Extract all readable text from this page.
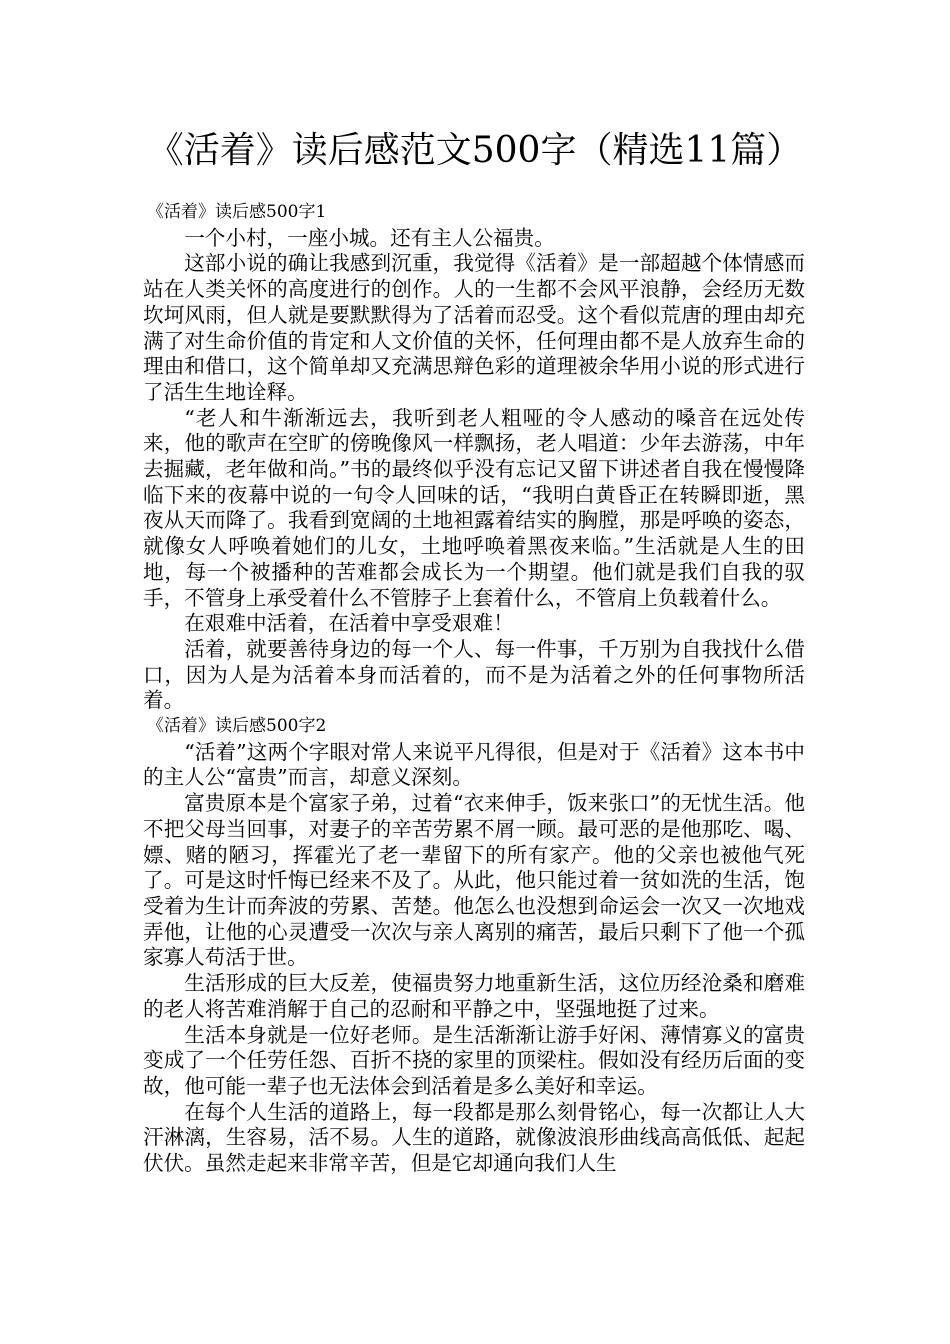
《活着》读后感范文500字（精选11篇）

《活着》读后感500字1

一个小村，一座小城。还有主人公福贵。

这部小说的确让我感到沉重，我觉得《活着》是一部超越个体情感而站在人类关怀的高度进行的创作。人的一生都不会风平浪静，会经历无数坎坷风雨，但人就是要默默得为了活着而忍受。这个看似荒唐的理由却充满了对生命价值的肯定和人文价值的关怀，任何理由都不是人放弃生命的理由和借口，这个简单却又充满思辩色彩的道理被余华用小说的形式进行了活生生地诠释。

“老人和牛渐渐远去，我听到老人粗哑的令人感动的嗓音在远处传来，他的歌声在空旷的傍晚像风一样飘扬，老人唱道：少年去游荡，中年去掘藏，老年做和尚。”书的最终似乎没有忘记又留下讲述者自我在慢慢降临下来的夜幕中说的一句令人回味的话，“我明白黄昏正在转瞬即逝，黑夜从天而降了。我看到宽阔的土地袒露着结实的胸膛，那是呼唤的姿态，就像女人呼唤着她们的儿女，土地呼唤着黑夜来临。”生活就是人生的田地，每一个被播种的苦难都会成长为一个期望。他们就是我们自我的驭手，不管身上承受着什么不管脖子上套着什么，不管肩上负载着什么。

在艰难中活着，在活着中享受艰难！

活着，就要善待身边的每一个人、每一件事，千万别为自我找什么借口，因为人是为活着本身而活着的，而不是为活着之外的任何事物所活着。

《活着》读后感500字2

“活着”这两个字眼对常人来说平凡得很，但是对于《活着》这本书中的主人公“富贵”而言，却意义深刻。

富贵原本是个富家子弟，过着“衣来伸手，饭来张口”的无忧生活。他不把父母当回事，对妻子的辛苦劳累不屑一顾。最可恶的是他那吃、喝、嫖、赌的陋习，挥霍光了老一辈留下的所有家产。他的父亲也被他气死了。可是这时忏悔已经来不及了。从此，他只能过着一贫如洗的生活，饱受着为生计而奔波的劳累、苦楚。他怎么也没想到命运会一次又一次地戏弄他，让他的心灵遭受一次次与亲人离别的痛苦，最后只剩下了他一个孤家寡人苟活于世。

生活形成的巨大反差，使福贵努力地重新生活，这位历经沧桑和磨难的老人将苦难消解于自己的忍耐和平静之中，坚强地挺了过来。

生活本身就是一位好老师。是生活渐渐让游手好闲、薄情寡义的富贵变成了一个任劳任怨、百折不挠的家里的顶梁柱。假如没有经历后面的变故，他可能一辈子也无法体会到活着是多么美好和幸运。

在每个人生活的道路上，每一段都是那么刻骨铭心，每一次都让人大汗淋漓，生容易，活不易。人生的道路，就像波浪形曲线高高低低、起起伏伏。虽然走起来非常辛苦，但是它却通向我们人生
